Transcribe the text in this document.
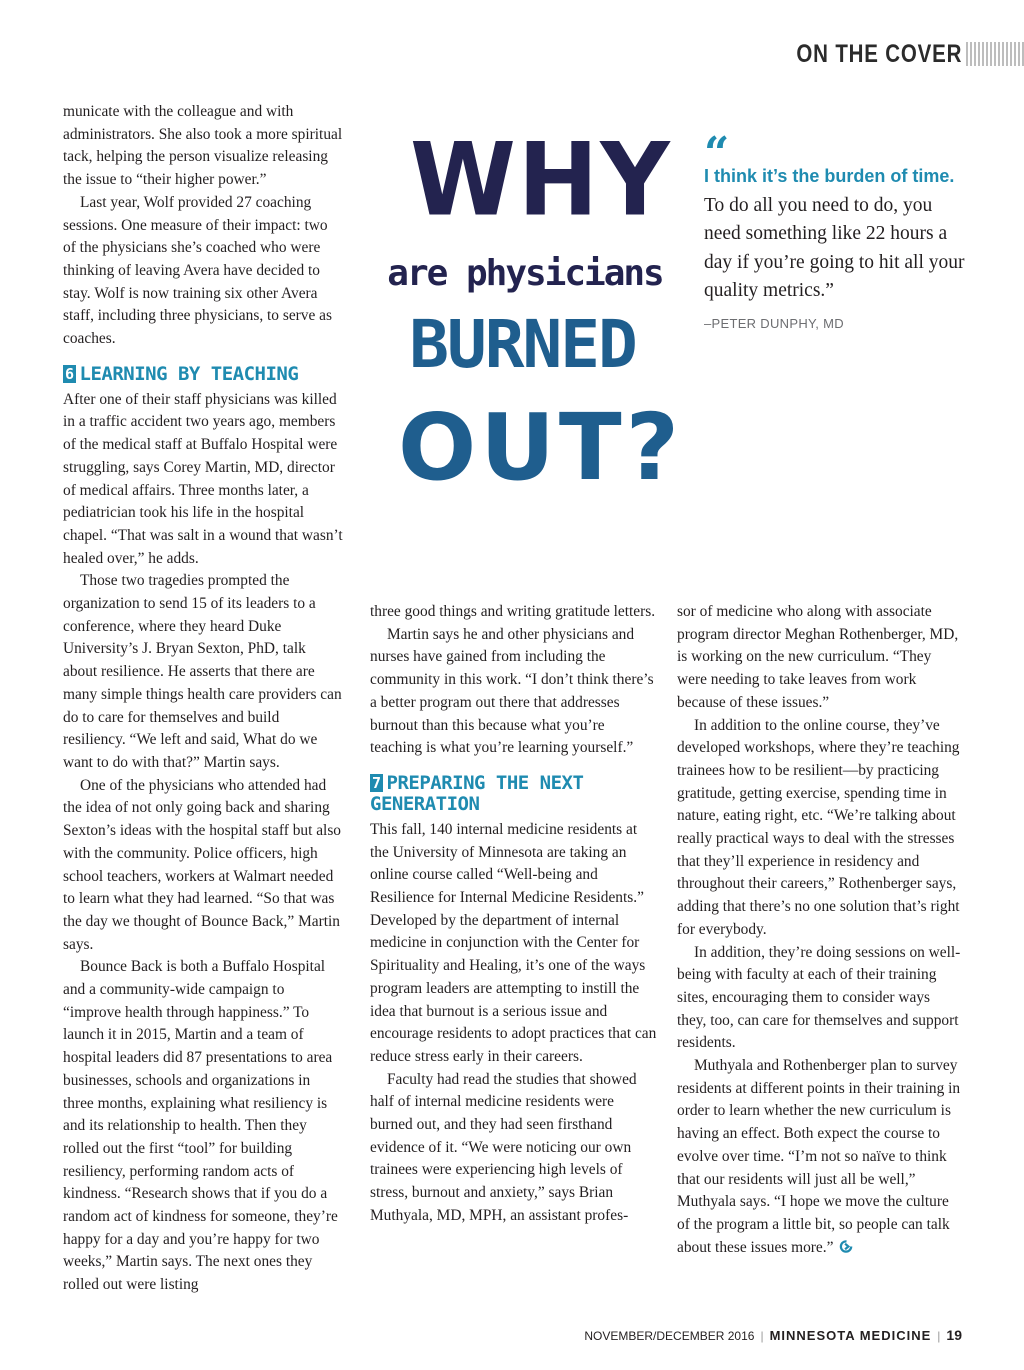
ON THE COVER

municate with the colleague and with administrators. She also took a more spiritual tack, helping the person visualize releasing the issue to “their higher power.”

Last year, Wolf provided 27 coaching sessions. One measure of their impact: two of the physicians she’s coached who were thinking of leaving Avera have decided to stay. Wolf is now training six other Avera staff, including three physicians, to serve as coaches.

6 LEARNING BY TEACHING

After one of their staff physicians was killed in a traffic accident two years ago, members of the medical staff at Buffalo Hospital were struggling, says Corey Martin, MD, director of medical affairs. Three months later, a pediatrician took his life in the hospital chapel. “That was salt in a wound that wasn’t healed over,” he adds.

Those two tragedies prompted the organization to send 15 of its leaders to a conference, where they heard Duke University’s J. Bryan Sexton, PhD, talk about resilience. He asserts that there are many simple things health care providers can do to care for themselves and build resiliency. “We left and said, What do we want to do with that?” Martin says.

One of the physicians who attended had the idea of not only going back and sharing Sexton’s ideas with the hospital staff but also with the community. Police officers, high school teachers, workers at Walmart needed to learn what they had learned. “So that was the day we thought of Bounce Back,” Martin says.

Bounce Back is both a Buffalo Hospital and a community-wide campaign to “improve health through happiness.” To launch it in 2015, Martin and a team of hospital leaders did 87 presentations to area businesses, schools and organizations in three months, explaining what resiliency is and its relationship to health. Then they rolled out the first “tool” for building resiliency, performing random acts of kindness. “Research shows that if you do a random act of kindness for someone, they’re happy for a day and you’re happy for two weeks,” Martin says. The next ones they rolled out were listing

WHY
are physicians
BURNED
OUT?
“
I think it’s the burden of time. To do all you need to do, you need something like 22 hours a day if you’re going to hit all your quality metrics.”
–PETER DUNPHY, MD

three good things and writing gratitude letters.

Martin says he and other physicians and nurses have gained from including the community in this work. “I don’t think there’s a better program out there that addresses burnout than this because what you’re teaching is what you’re learning yourself.”

7 PREPARING THE NEXT GENERATION

This fall, 140 internal medicine residents at the University of Minnesota are taking an online course called “Well-being and Resilience for Internal Medicine Residents.” Developed by the department of internal medicine in conjunction with the Center for Spirituality and Healing, it’s one of the ways program leaders are attempting to instill the idea that burnout is a serious issue and encourage residents to adopt practices that can reduce stress early in their careers.

Faculty had read the studies that showed half of internal medicine residents were burned out, and they had seen firsthand evidence of it. “We were noticing our own trainees were experiencing high levels of stress, burnout and anxiety,” says Brian Muthyala, MD, MPH, an assistant profes-

sor of medicine who along with associate program director Meghan Rothenberger, MD, is working on the new curriculum. “They were needing to take leaves from work because of these issues.”

In addition to the online course, they’ve developed workshops, where they’re teaching trainees how to be resilient—by practicing gratitude, getting exercise, spending time in nature, eating right, etc. “We’re talking about really practical ways to deal with the stresses that they’ll experience in residency and throughout their careers,” Rothenberger says, adding that there’s no one solution that’s right for everybody.

In addition, they’re doing sessions on well-being with faculty at each of their training sites, encouraging them to consider ways they, too, can care for themselves and support residents.

Muthyala and Rothenberger plan to survey residents at different points in their training in order to learn whether the new curriculum is having an effect. Both expect the course to evolve over time. “I’m not so naïve to think that our residents will just all be well,” Muthyala says. “I hope we move the culture of the program a little bit, so people can talk about these issues more.”

NOVEMBER/DECEMBER 2016 | MINNESOTA MEDICINE | 19
